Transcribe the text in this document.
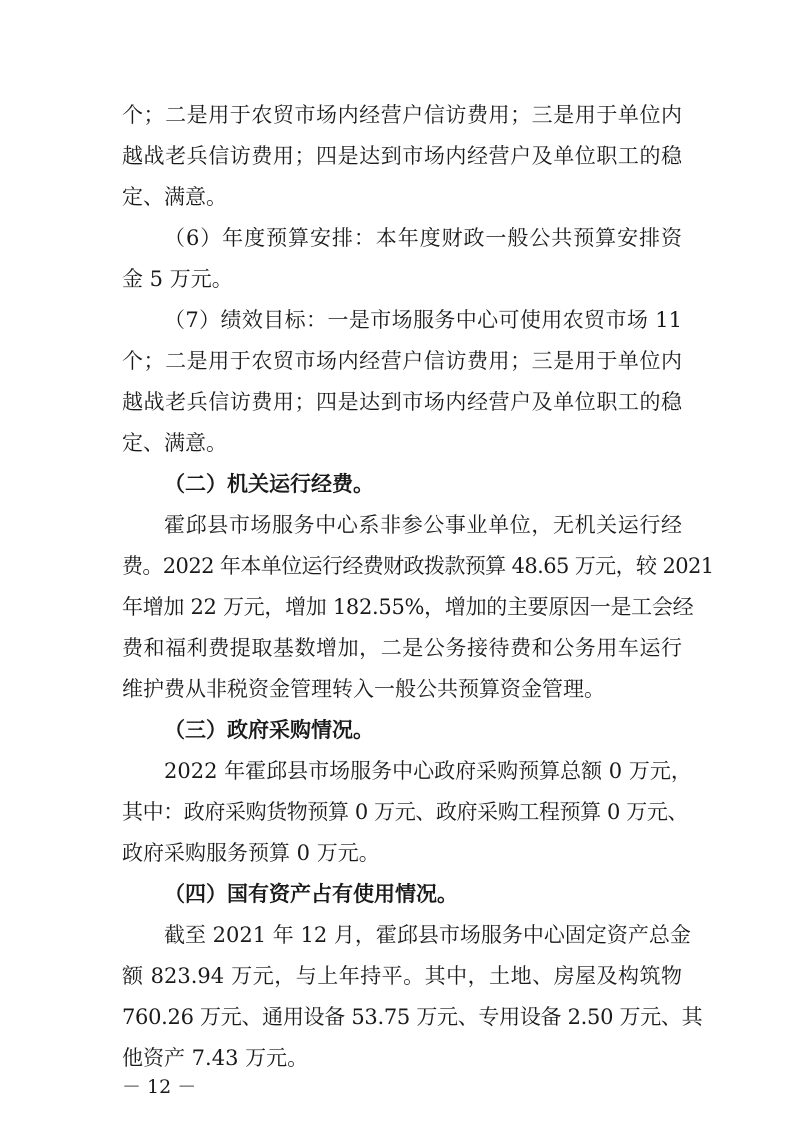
个；二是用于农贸市场内经营户信访费用；三是用于单位内
越战老兵信访费用；四是达到市场内经营户及单位职工的稳
定、满意。
（6）年度预算安排：本年度财政一般公共预算安排资
金 5 万元。
（7）绩效目标：一是市场服务中心可使用农贸市场 11
个；二是用于农贸市场内经营户信访费用；三是用于单位内
越战老兵信访费用；四是达到市场内经营户及单位职工的稳
定、满意。
（二）机关运行经费。
霍邱县市场服务中心系非参公事业单位，无机关运行经
费。2022 年本单位运行经费财政拨款预算 48.65 万元，较 2021
年增加 22 万元，增加 182.55%，增加的主要原因一是工会经
费和福利费提取基数增加，二是公务接待费和公务用车运行
维护费从非税资金管理转入一般公共预算资金管理。
（三）政府采购情况。
2022 年霍邱县市场服务中心政府采购预算总额 0 万元，
其中：政府采购货物预算 0 万元、政府采购工程预算 0 万元、
政府采购服务预算 0 万元。
（四）国有资产占有使用情况。
截至 2021 年 12 月，霍邱县市场服务中心固定资产总金
额 823.94 万元，与上年持平。其中，土地、房屋及构筑物
760.26 万元、通用设备 53.75 万元、专用设备 2.50 万元、其
他资产 7.43 万元。
－ 12 －
